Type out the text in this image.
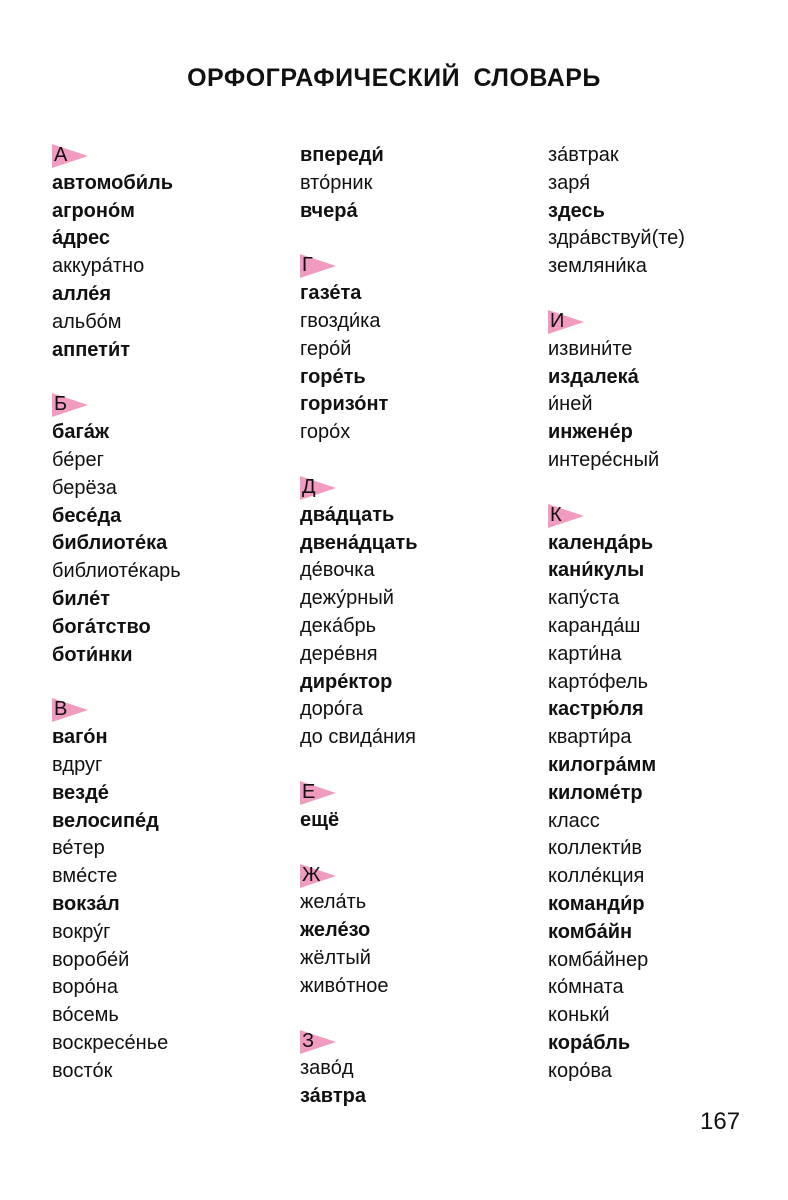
ОРФОГРАФИЧЕСКИЙ СЛОВАРЬ
А
автомоби́ль
агроно́м
а́дрес
аккура́тно
алле́я
альбо́м
аппети́т
Б
бага́ж
бе́рег
берёза
бесе́да
библиоте́ка
библиоте́карь
биле́т
бога́тство
боти́нки
В
ваго́н
вдруг
везде́
велосипе́д
ве́тер
вме́сте
вокза́л
вокру́г
воробе́й
воро́на
во́семь
воскресе́нье
восто́к
впереди́
вто́рник
вчера́
Г
газе́та
гвозди́ка
геро́й
горе́ть
горизо́нт
горо́х
Д
два́дцать
двена́дцать
де́вочка
дежу́рный
дека́брь
дере́вня
дире́ктор
доро́га
до свида́ния
Е
ещё
Ж
жела́ть
желе́зо
жёлтый
живо́тное
З
заво́д
за́втра
за́втрак
заря́
здесь
здра́вствуй(те)
земляни́ка
И
извини́те
издалека́
и́ней
инжене́р
интере́сный
К
календа́рь
кани́кулы
капу́ста
каранда́ш
карти́на
карто́фель
кастрю́ля
кварти́ра
килогра́мм
киломе́тр
класс
коллекти́в
колле́кция
команди́р
комба́йн
комба́йнер
ко́мната
коньки́
кора́бль
коро́ва
167
